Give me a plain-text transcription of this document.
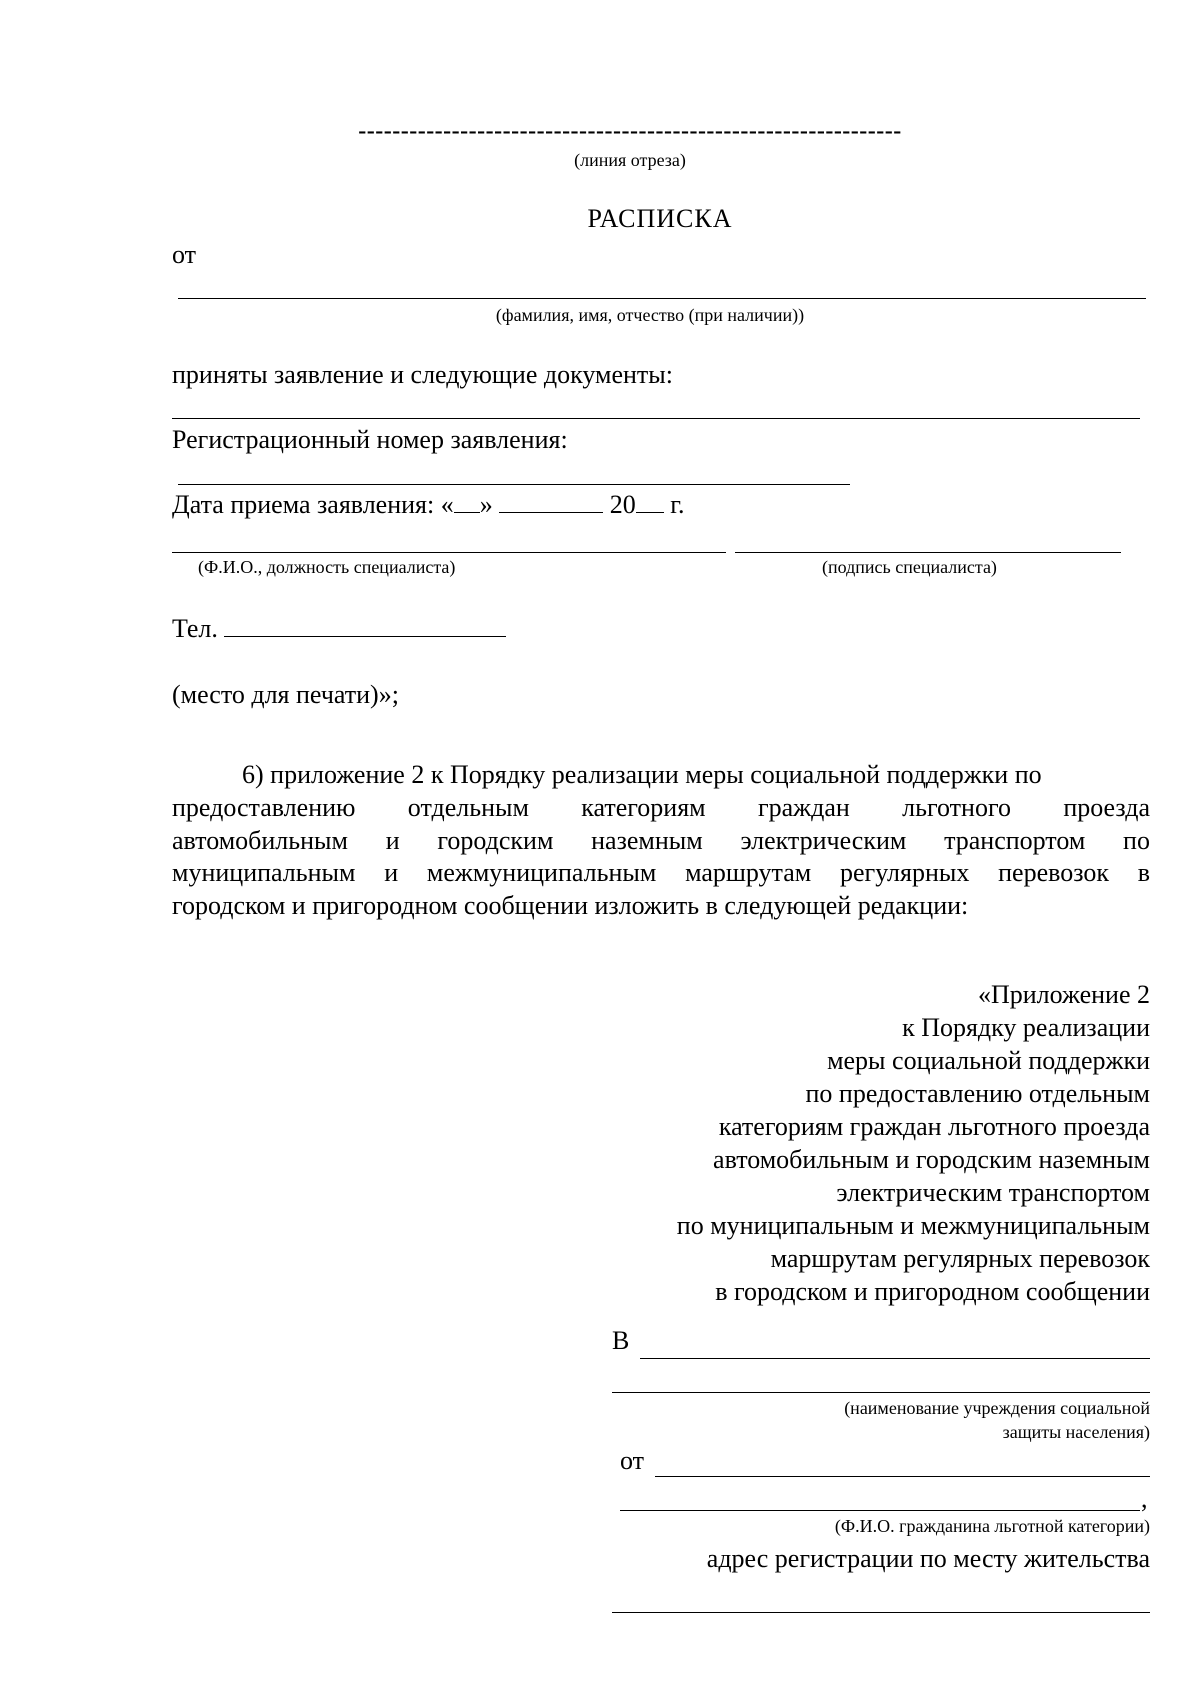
----------------------------------------------------------------
(линия отреза)
РАСПИСКА
от
(фамилия, имя, отчество (при наличии))
приняты заявление и следующие документы:
Регистрационный номер заявления:
Дата приема заявления: « »	20 г.
(Ф.И.О., должность специалиста)	(подпись специалиста)
Тел.
(место для печати)»;
6) приложение 2 к Порядку реализации меры социальной поддержки по
предоставлению отдельным категориям граждан льготного проезда
автомобильным и городским наземным электрическим транспортом по
муниципальным и межмуниципальным маршрутам регулярных перевозок в
городском и пригородном сообщении изложить в следующей редакции:
«Приложение 2
к Порядку реализации
меры социальной поддержки
по предоставлению отдельным
категориям граждан льготного проезда
автомобильным и городским наземным
электрическим транспортом
по муниципальным и межмуниципальным
маршрутам регулярных перевозок
в городском и пригородном сообщении
В
(наименование учреждения социальной
защиты населения)
от
,
(Ф.И.О. гражданина льготной категории)
адрес регистрации по месту жительства
